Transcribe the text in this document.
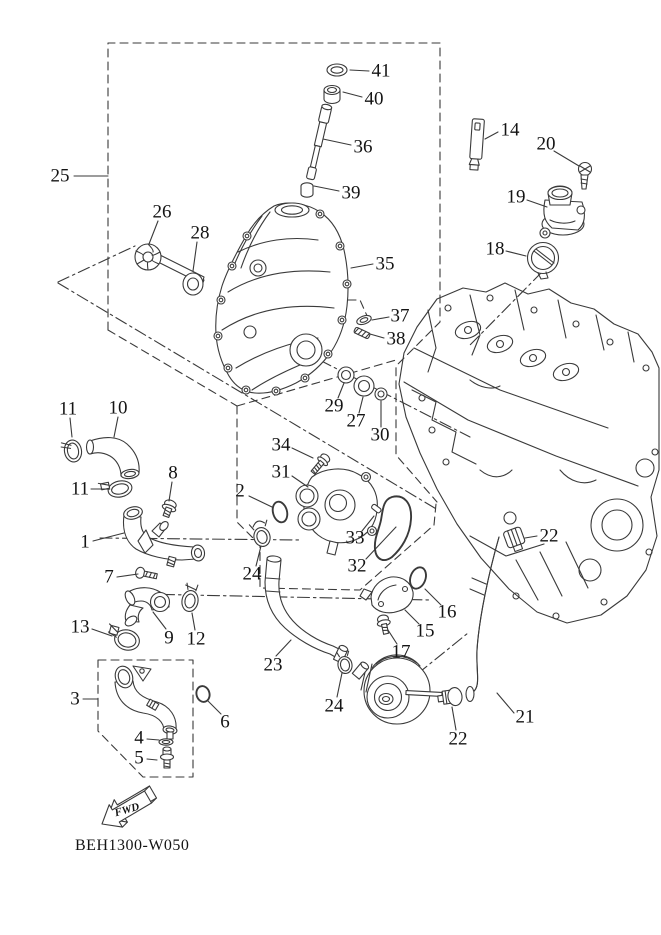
FWD
BEH1300-W050
25
41
40
36
39
14
20
19
18
26
28
35
37
38
29
27
30
11 10
11
8
2
34
31
1
7	24
33
32
16
15
17
13
9 12
3
4
5
6
23
24
22
21
22
